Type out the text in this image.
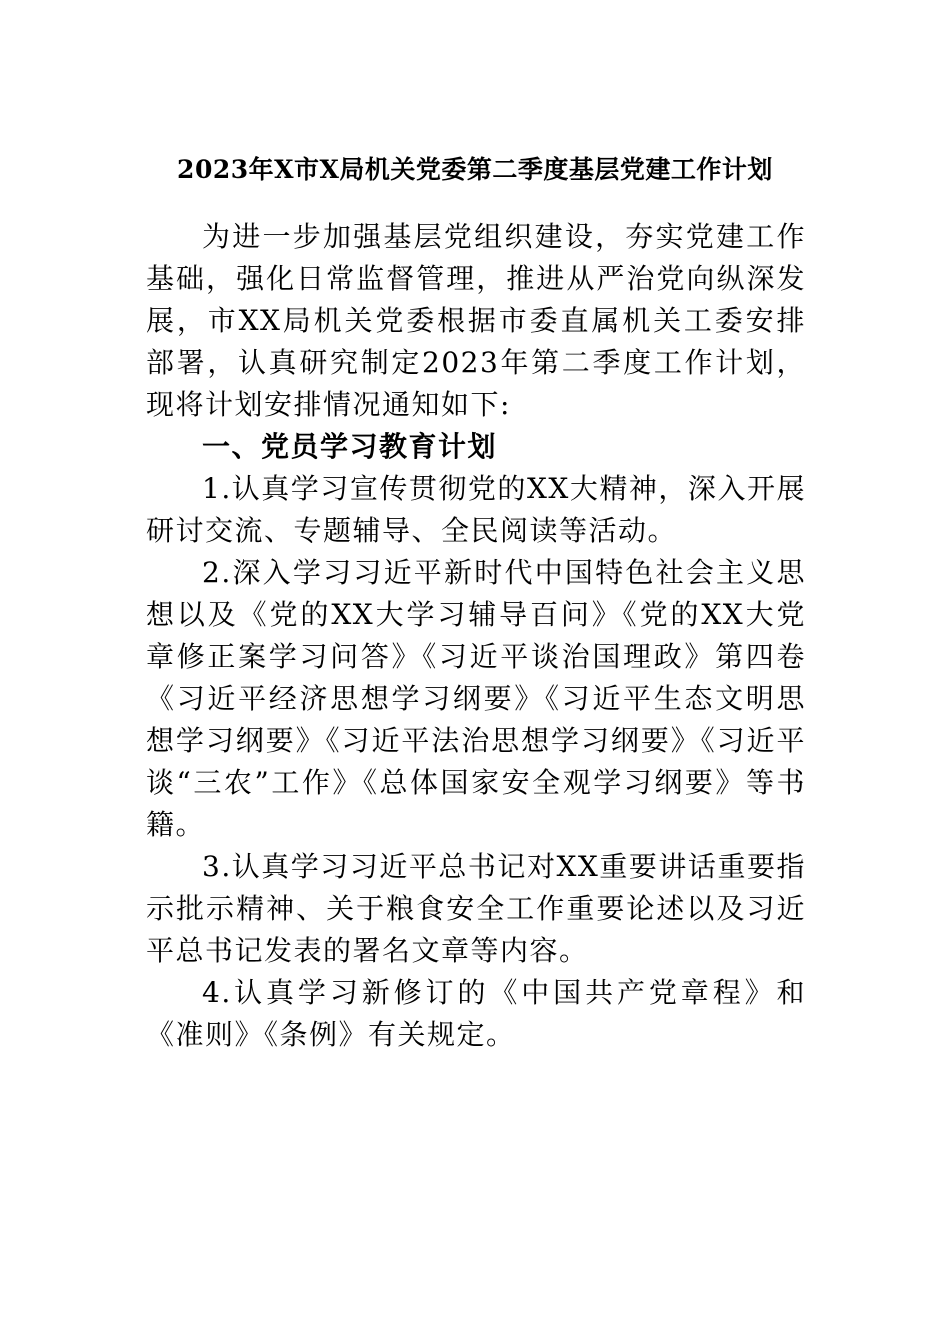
2023年X市X局机关党委第二季度基层党建工作计划

为进一步加强基层党组织建设，夯实党建工作基础，强化日常监督管理，推进从严治党向纵深发展，市XX局机关党委根据市委直属机关工委安排部署，认真研究制定2023年第二季度工作计划，现将计划安排情况通知如下:

一、党员学习教育计划

1.认真学习宣传贯彻党的XX大精神，深入开展研讨交流、专题辅导、全民阅读等活动。

2.深入学习习近平新时代中国特色社会主义思想以及《党的XX大学习辅导百问》《党的XX大党章修正案学习问答》《习近平谈治国理政》第四卷《习近平经济思想学习纲要》《习近平生态文明思想学习纲要》《习近平法治思想学习纲要》《习近平谈“三农”工作》《总体国家安全观学习纲要》等书籍。

3.认真学习习近平总书记对XX重要讲话重要指示批示精神、关于粮食安全工作重要论述以及习近平总书记发表的署名文章等内容。

4.认真学习新修订的《中国共产党章程》和《准则》《条例》有关规定。
